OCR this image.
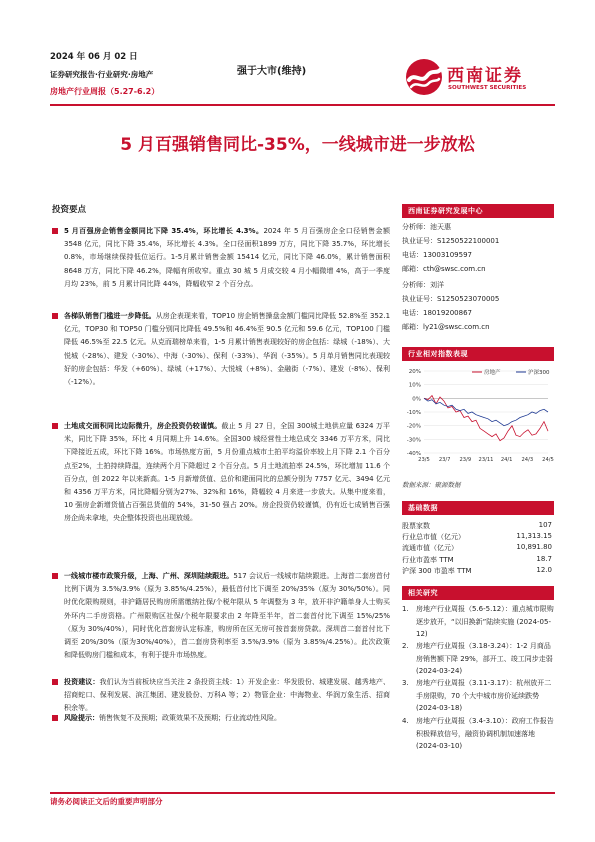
2024 年 06 月 02 日
证券研究报告·行业研究·房地产
房地产行业周报（5.27-6.2）
强于大市(维持)	西南证券
SOUTHWEST SECURITIES
5 月百强销售同比-35%，一线城市进一步放松
投资要点
5 月百强房企销售金额同比下降 35.4%，环比增长 4.3%。2024 年 5 月百强房企全口径销售金额 3548 亿元，同比下降 35.4%，环比增长 4.3%。全口径面积1899 万方，同比下降 35.7%，环比增长 0.8%，市场继续保持低位运行。1-5月累计销售金额 15414 亿元，同比下降 46.0%，累计销售面积 8648 万方，同比下降 46.2%，降幅有所收窄。重点 30 城 5 月成交较 4 月小幅微增 4%，高于一季度月均 23%，前 5 月累计同比降 44%，降幅收窄 2 个百分点。
各梯队销售门槛进一步降低。从房企表现来看，TOP10 房企销售操盘金额门槛同比降低 52.8%至 352.1 亿元，TOP30 和 TOP50 门槛分别同比降低 49.5%和 46.4%至 90.5 亿元和 59.6 亿元，TOP100 门槛降低 46.5%至 22.5 亿元。从克而瑞榜单来看，1-5 月累计销售表现较好的房企包括：绿城（-18%）、大悦城（-28%）、建发（-30%）、中海（-30%）、保利（-33%）、华润（-35%）。5 月单月销售同比表现较好的房企包括：华发（+60%）、绿城（+17%）、大悦城（+8%）、金融街（-7%）、建发（-8%）、保利（-12%）。
土地成交面积同比边际微升，房企投资仍较谨慎。截止 5 月 27 日，全国 300城土地供应量 6324 万平米，同比下降 35%，环比 4 月同期上升 14.6%。全国300 城经营性土地总成交 3346 万平方米，同比下降接近五成，环比下降 16%。市场热度方面，5 月份重点城市土拍平均溢价率较上月下降 2.1 个百分点至2%，土拍持续降温，连续两个月下降超过 2 个百分点。5 月土地流拍率 24.5%，环比增加 11.6 个百分点，创 2022 年以来新高。1-5 月新增货值、总价和建面同比的总额分别为 7757 亿元、3494 亿元和 4356 万平方米，同比降幅分别为27%、32%和 16%，降幅较 4 月来进一步放大。从集中度来看，10 强房企新增货值占百强总货值的 54%，31-50 强占 20%。房企投资仍较谨慎，仍有近七成销售百强房企尚未拿地，央企整体投资也出现放缓。
一线城市楼市政策升级，上海、广州、深圳陆续跟进。517 会议后一线城市陆续跟进。上海首二套房首付比例下调为 3.5%/3.9%（原为 3.85%/4.25%），最低首付比下调至 20%/35%（原为 30%/50%）。同时优化限购规则，非沪籍居民购房所需缴纳社保/个税年限从 5 年调整为 3 年，放开非沪籍单身人士购买外环内二手房资格。广州限购区社保/个税年限要求由 2 年降至半年，首二套首付比下调至 15%/25%（原为 30%/40%），同时优化首套房认定标准，购房所在区无房可按首套房贷款。深圳首二套首付比下调至 20%/30%（原为30%/40%），首二套房贷利率至 3.5%/3.9%（原为 3.85%/4.25%）。此次政策和降低购房门槛和成本，有利于提升市场热度。
投资建议：我们认为当前板块应当关注 2 条投资主线：1）开发企业：华发股份、城建发展、越秀地产、招商蛇口、保利发展、滨江集团、建发股份、万科A 等；2）物管企业：中海物业、华润万象生活、招商积余等。
风险提示：销售恢复不及预期；政策效果不及预期；行业流动性风险。
西南证券研究发展中心
分析师：池天惠
执业证号：S1250522100001
电话：13003109597
邮箱：cth@swsc.com.cn
分析师：刘洋
执业证号：S1250523070005
电话：18019200867
邮箱：ly21@swsc.com.cn
行业相对指数表现
20%
10%
0%
-10%
-20%
-30%
-40%
23/5 23/7 23/9 23/11 24/1 24/3 24/5
房地产	沪深300
数据来源：聚源数据
基础数据
股票家数	107
行业总市值（亿元）	11,313.15
流通市值（亿元）	10,891.80
行业市盈率 TTM	18.7
沪深 300 市盈率 TTM	12.0
相关研究
1.	房地产行业周报（5.6-5.12）：重点城市限购逐步放开，“以旧换新”陆续实施 (2024-05-12)
2.	房地产行业周报（3.18-3.24）：1-2 月商品房销售额下降 29%，部开工、竣工同步走弱 (2024-03-24)
3.	房地产行业周报（3.11-3.17）：杭州放开二手房限购，70 个大中城市房价延续跌势 (2024-03-18)
4.	房地产行业周报（3.4-3.10）：政府工作报告积极释放信号，融资协调机制加速落地 (2024-03-10)
请务必阅读正文后的重要声明部分
